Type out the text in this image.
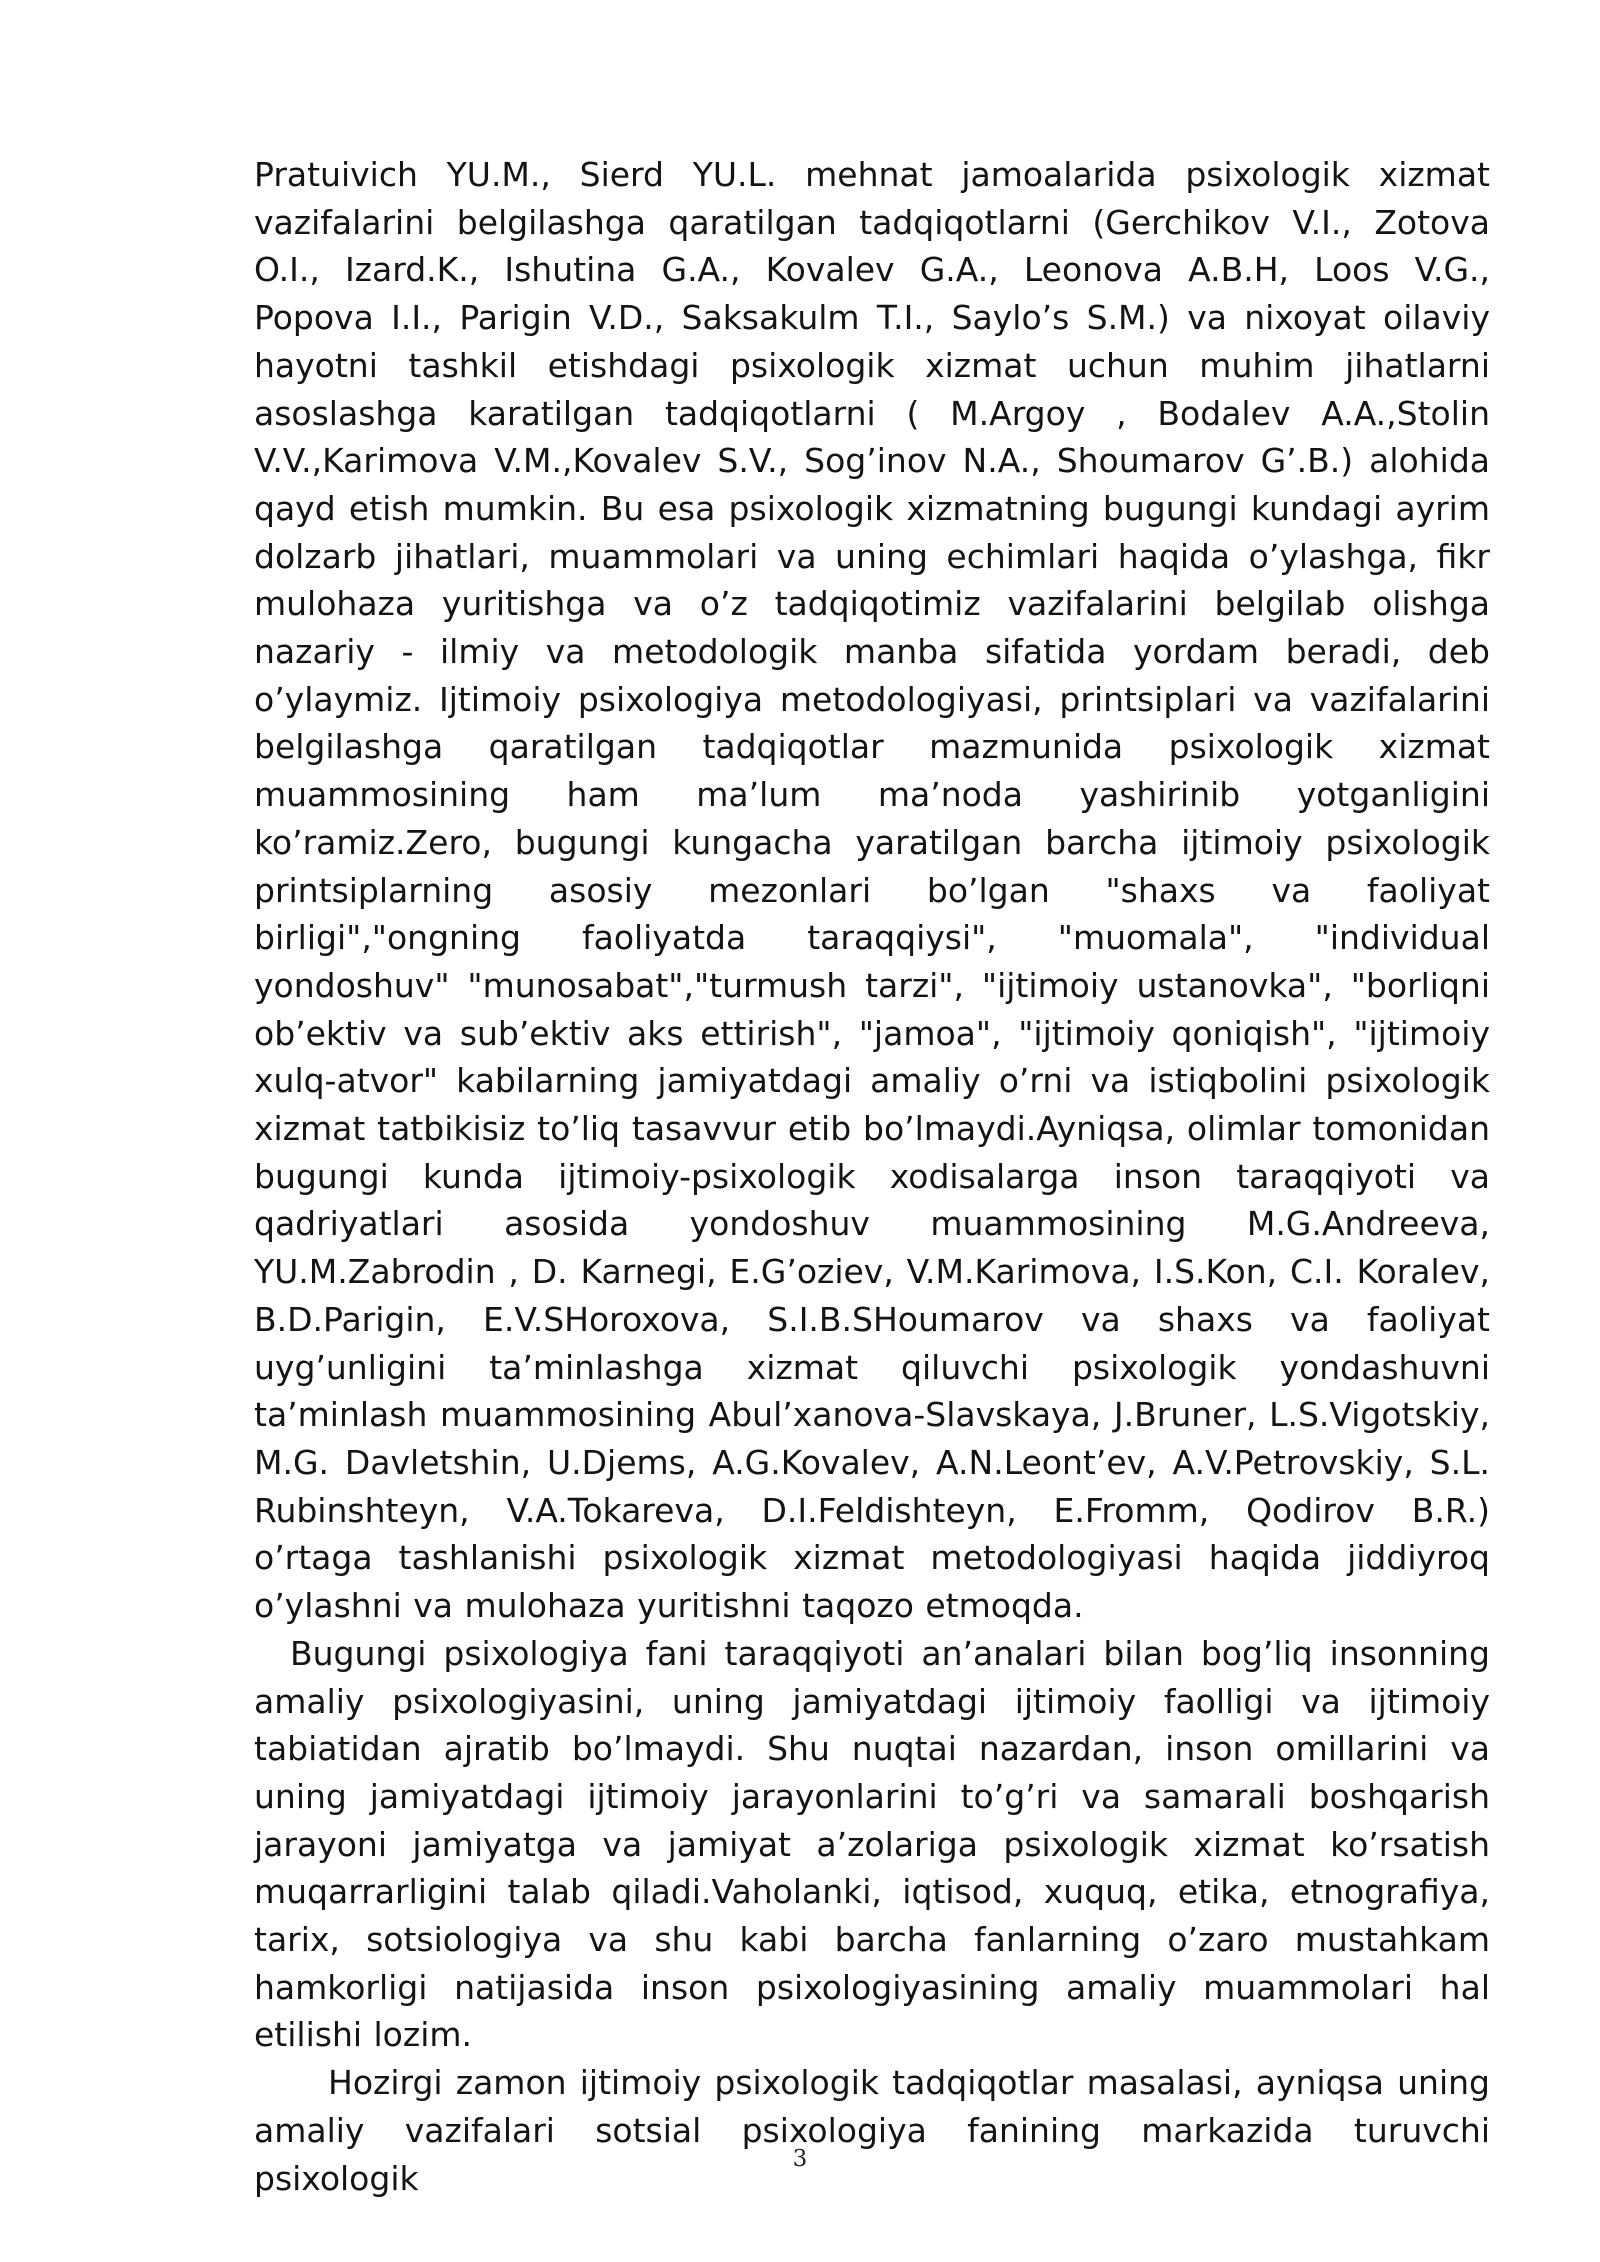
Pratuivich YU.M., Sierd YU.L. mehnat jamoalarida psixologik xizmat vazifalarini belgilashga qaratilgan tadqiqotlarni (Gerchikov V.I., Zotova O.I., Izard.K., Ishutina G.A., Kovalev G.A., Leonova A.B.H, Loos V.G., Popova I.I., Parigin V.D., Saksakulm T.I., Saylo’s S.M.) va nixoyat oilaviy hayotni tashkil etishdagi psixologik xizmat uchun muhim jihatlarni asoslashga karatilgan tadqiqotlarni ( M.Argoy , Bodalev A.A.,Stolin V.V.,Karimova V.M.,Kovalev S.V., Sog’inov N.A., Shoumarov G’.B.) alohida qayd etish mumkin. Bu esa psixologik xizmatning bugungi kundagi ayrim dolzarb jihatlari, muammolari va uning echimlari haqida o’ylashga, fikr mulohaza yuritishga va o’z tadqiqotimiz vazifalarini belgilab olishga nazariy - ilmiy va metodologik manba sifatida yordam beradi, deb o’ylaymiz. Ijtimoiy psixologiya metodologiyasi, printsiplari va vazifalarini belgilashga qaratilgan tadqiqotlar mazmunida psixologik xizmat muammosining ham ma’lum ma’noda yashirinib yotganligini ko’ramiz.Zero, bugungi kungacha yaratilgan barcha ijtimoiy psixologik printsiplarning asosiy mezonlari bo’lgan "shaxs va faoliyat birligi","ongning faoliyatda taraqqiysi", "muomala", "individual yondoshuv" "munosabat","turmush tarzi", "ijtimoiy ustanovka", "borliqni ob’ektiv va sub’ektiv aks ettirish", "jamoa", "ijtimoiy qoniqish", "ijtimoiy xulq-atvor" kabilarning jamiyatdagi amaliy o’rni va istiqbolini psixologik xizmat tatbikisiz to’liq tasavvur etib bo’lmaydi.Ayniqsa, olimlar tomonidan bugungi kunda ijtimoiy-psixologik xodisalarga inson taraqqiyoti va qadriyatlari asosida yondoshuv muammosining M.G.Andreeva, YU.M.Zabrodin , D. Karnegi, E.G’oziev, V.M.Karimova, I.S.Kon, C.I. Koralev, B.D.Parigin, E.V.SHoroxova, S.I.B.SHoumarov va shaxs va faoliyat uyg’unligini ta’minlashga xizmat qiluvchi psixologik yondashuvni ta’minlash muammosining Abul’xanova-Slavskaya, J.Bruner, L.S.Vigotskiy, M.G. Davletshin, U.Djems, A.G.Kovalev, A.N.Leont’ev, A.V.Petrovskiy, S.L. Rubinshteyn, V.A.Tokareva, D.I.Feldishteyn, E.Fromm, Qodirov B.R.) o’rtaga tashlanishi psixologik xizmat metodologiyasi haqida jiddiyroq o’ylashni va mulohaza yuritishni taqozo etmoqda.

Bugungi psixologiya fani taraqqiyoti an’analari bilan bog’liq insonning amaliy psixologiyasini, uning jamiyatdagi ijtimoiy faolligi va ijtimoiy tabiatidan ajratib bo’lmaydi. Shu nuqtai nazardan, inson omillarini va uning jamiyatdagi ijtimoiy jarayonlarini to’g’ri va samarali boshqarish jarayoni jamiyatga va jamiyat a’zolariga psixologik xizmat ko’rsatish muqarrarligini talab qiladi.Vaholanki, iqtisod, xuquq, etika, etnografiya, tarix, sotsiologiya va shu kabi barcha fanlarning o’zaro mustahkam hamkorligi natijasida inson psixologiyasining amaliy muammolari hal etilishi lozim.

Hozirgi zamon ijtimoiy psixologik tadqiqotlar masalasi, ayniqsa uning amaliy vazifalari sotsial psixologiya fanining markazida turuvchi psixologik	3
